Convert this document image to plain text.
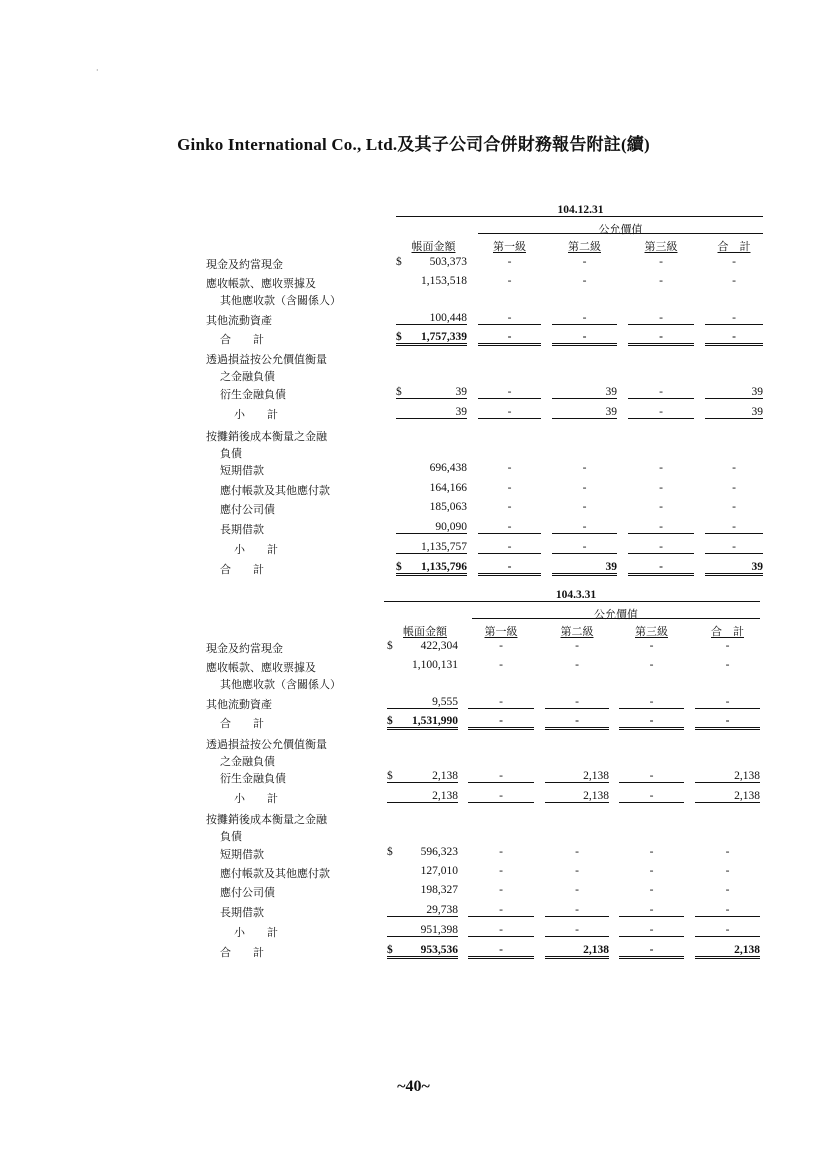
·
Ginko International Co., Ltd.及其子公司合併財務報告附註(續)
104.12.31
公允價值
帳面金額	第一級	第二級	第三級	合　計
現金及約當現金	$	503,373	-	-	-	-
應收帳款、應收票據及	1,153,518	-	-	-	-
其他應收款（含關係人）
其他流動資產	100,448	-	-	-	-
合　　計	$	1,757,339	-	-	-	-
透過損益按公允價值衡量
之金融負債
衍生金融負債	$	39	-	39	-	39
小　　計	39	-	39	-	39
按攤銷後成本衡量之金融
負債
短期借款	696,438	-	-	-	-
應付帳款及其他應付款	164,166	-	-	-	-
應付公司債	185,063	-	-	-	-
長期借款	90,090	-	-	-	-
小　　計	1,135,757	-	-	-	-
合　　計	$	1,135,796	-	39	-	39
104.3.31
公允價值
帳面金額	第一級	第二級	第三級	合　計
現金及約當現金	$	422,304	-	-	-	-
應收帳款、應收票據及	1,100,131	-	-	-	-
其他應收款（含關係人）
其他流動資產	9,555	-	-	-	-
合　　計	$	1,531,990	-	-	-	-
透過損益按公允價值衡量
之金融負債
衍生金融負債	$	2,138	-	2,138	-	2,138
小　　計	2,138	-	2,138	-	2,138
按攤銷後成本衡量之金融
負債
短期借款	$	596,323	-	-	-	-
應付帳款及其他應付款	127,010	-	-	-	-
應付公司債	198,327	-	-	-	-
長期借款	29,738	-	-	-	-
小　　計	951,398	-	-	-	-
合　　計	$	953,536	-	2,138	-	2,138
~40~
